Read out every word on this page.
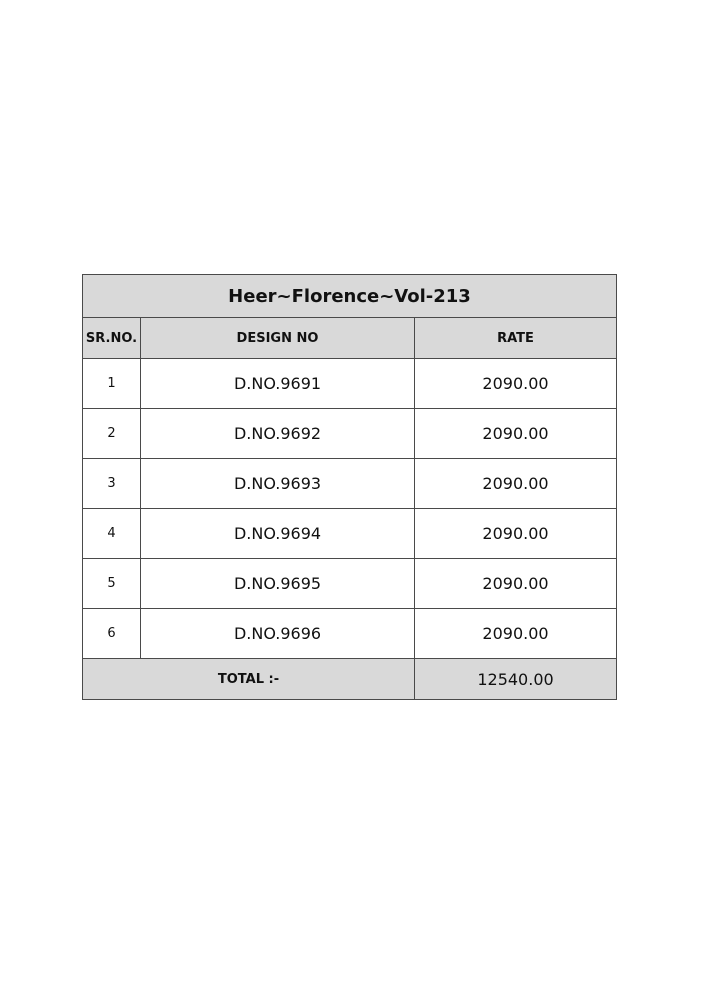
Heer~Florence~Vol-213		
SR.NO.	DESIGN NO	RATE
1	D.NO.9691	2090.00
2	D.NO.9692	2090.00
3	D.NO.9693	2090.00
4	D.NO.9694	2090.00
5	D.NO.9695	2090.00
6	D.NO.9696	2090.00
TOTAL :-		12540.00
